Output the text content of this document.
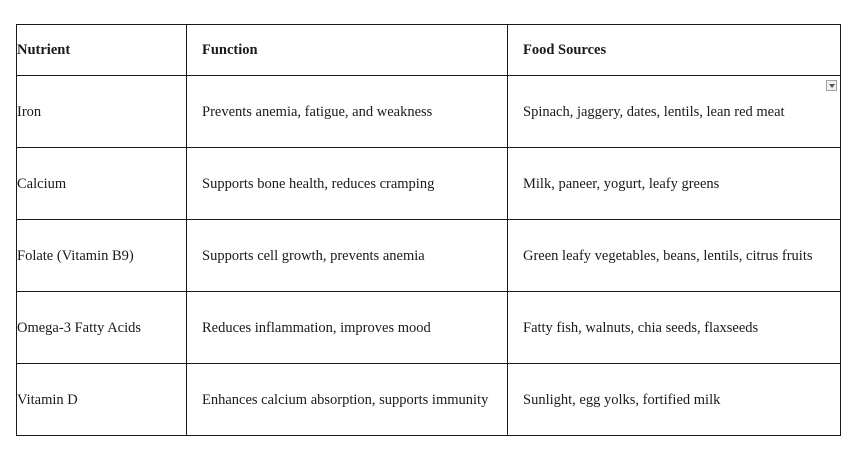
Nutrient	Function	Food Sources

Iron	Prevents anemia, fatigue, and weakness	Spinach, jaggery, dates, lentils, lean red meat

Calcium	Supports bone health, reduces cramping	Milk, paneer, yogurt, leafy greens

Folate (Vitamin B9)	Supports cell growth, prevents anemia	Green leafy vegetables, beans, lentils, citrus fruits

Omega-3 Fatty Acids	Reduces inflammation, improves mood	Fatty fish, walnuts, chia seeds, flaxseeds

Vitamin D	Enhances calcium absorption, supports immunity	Sunlight, egg yolks, fortified milk
